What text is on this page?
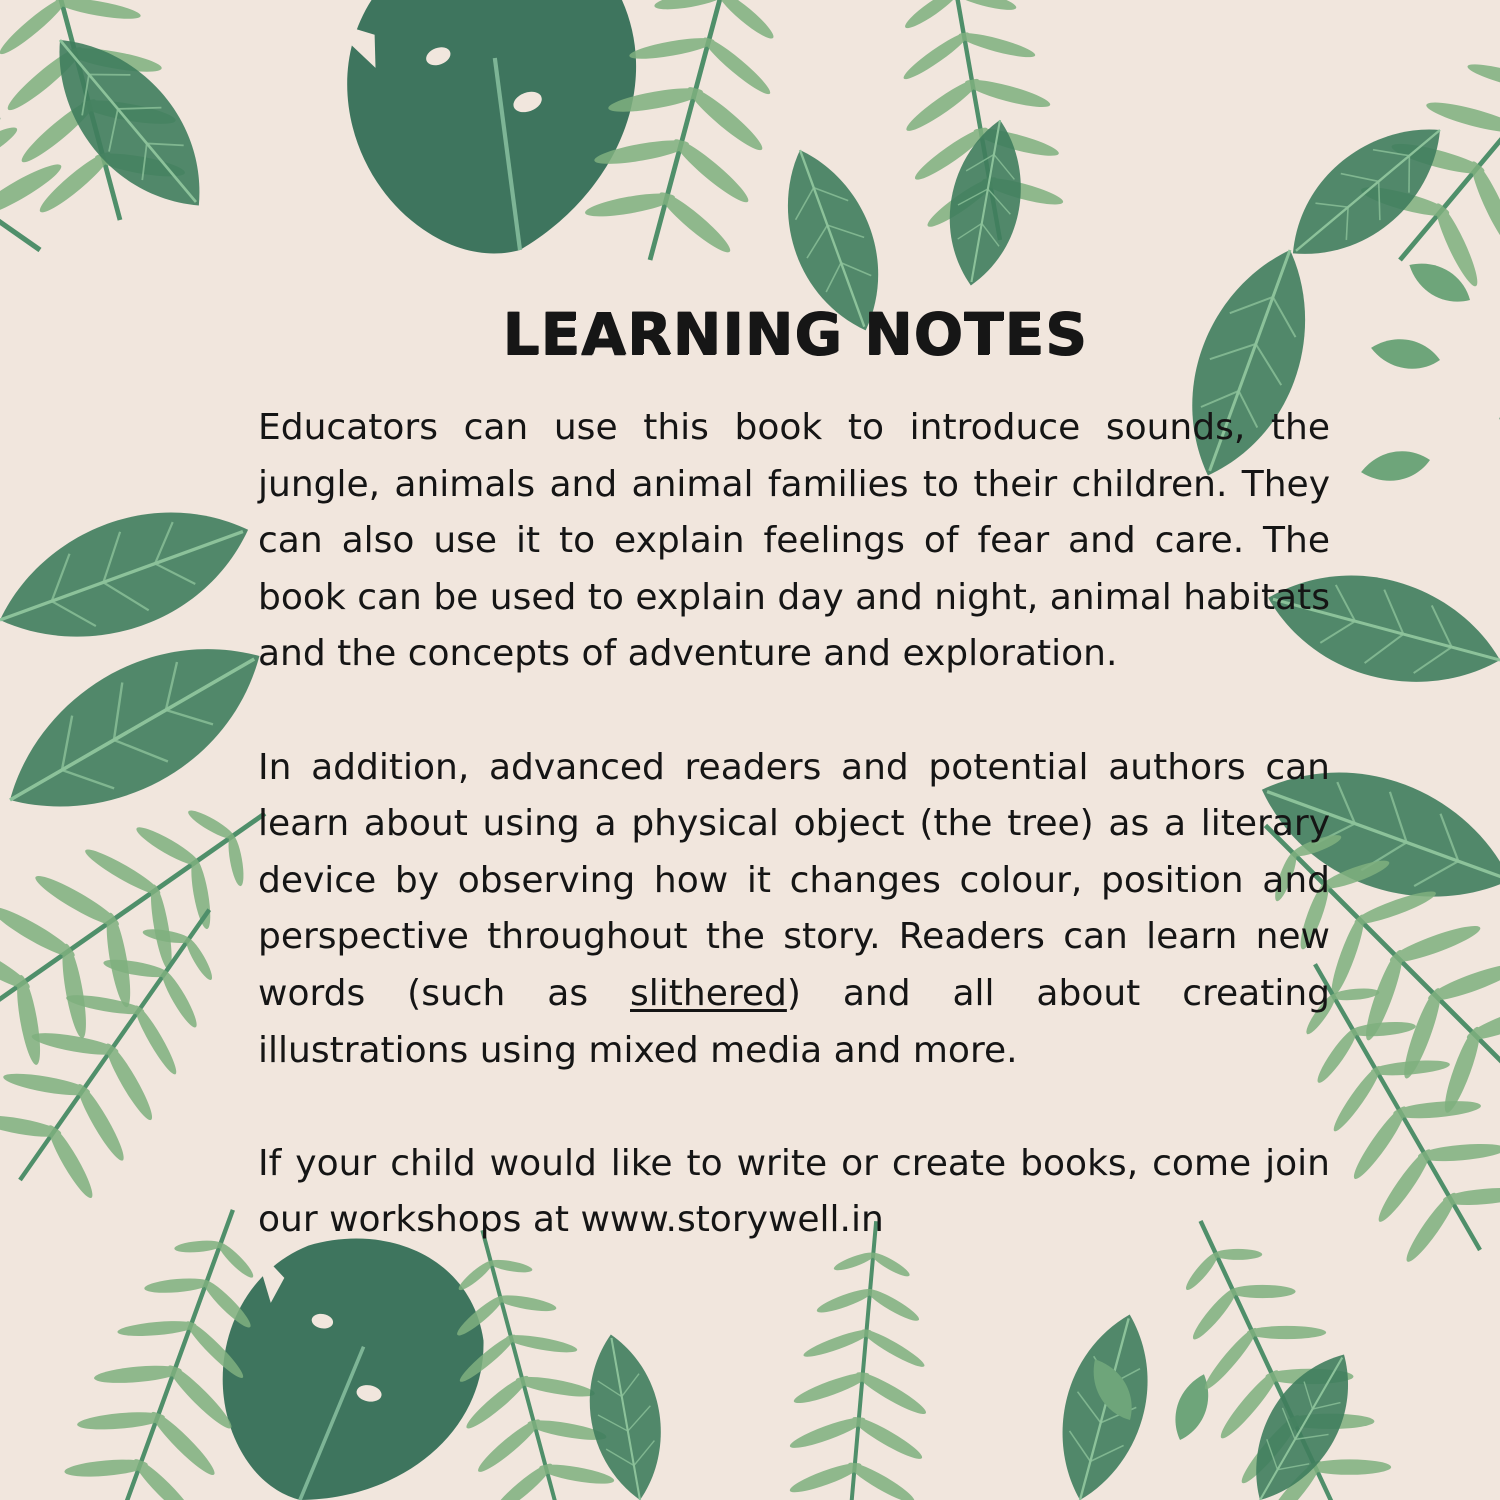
LEARNING NOTES

Educators can use this book to introduce sounds, the jungle, animals and animal families to their children. They can also use it to explain feelings of fear and care. The book can be used to explain day and night, animal habitats and the concepts of adventure and exploration.

In addition, advanced readers and potential authors can learn about using a physical object (the tree) as a literary device by observing how it changes colour, position and perspective throughout the story. Readers can learn new words (such as slithered) and all about creating illustrations using mixed media and more.

If your child would like to write or create books, come join our workshops at www.storywell.in
